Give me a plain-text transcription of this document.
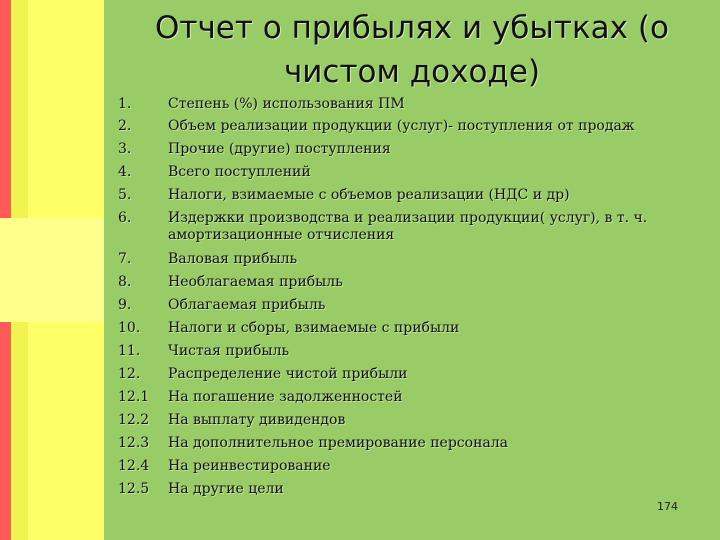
Отчет о прибылях и убытках (о чистом доходе)
1.	Степень (%) использования ПМ
2.	Объем реализации продукции (услуг)- поступления от продаж
3.	Прочие (другие) поступления
4.	Всего поступлений
5.	Налоги, взимаемые с объемов реализации (НДС и др)
6.	Издержки производства и реализации продукции( услуг), в т. ч. амортизационные отчисления
7.	Валовая прибыль
8.	Необлагаемая прибыль
9.	Облагаемая прибыль
10.	Налоги и сборы, взимаемые с прибыли
11.	Чистая прибыль
12.	Распределение чистой прибыли
12.1	На погашение задолженностей
12.2	На выплату дивидендов
12.3	На дополнительное премирование персонала
12.4	На реинвестирование
12.5	На другие цели
174
